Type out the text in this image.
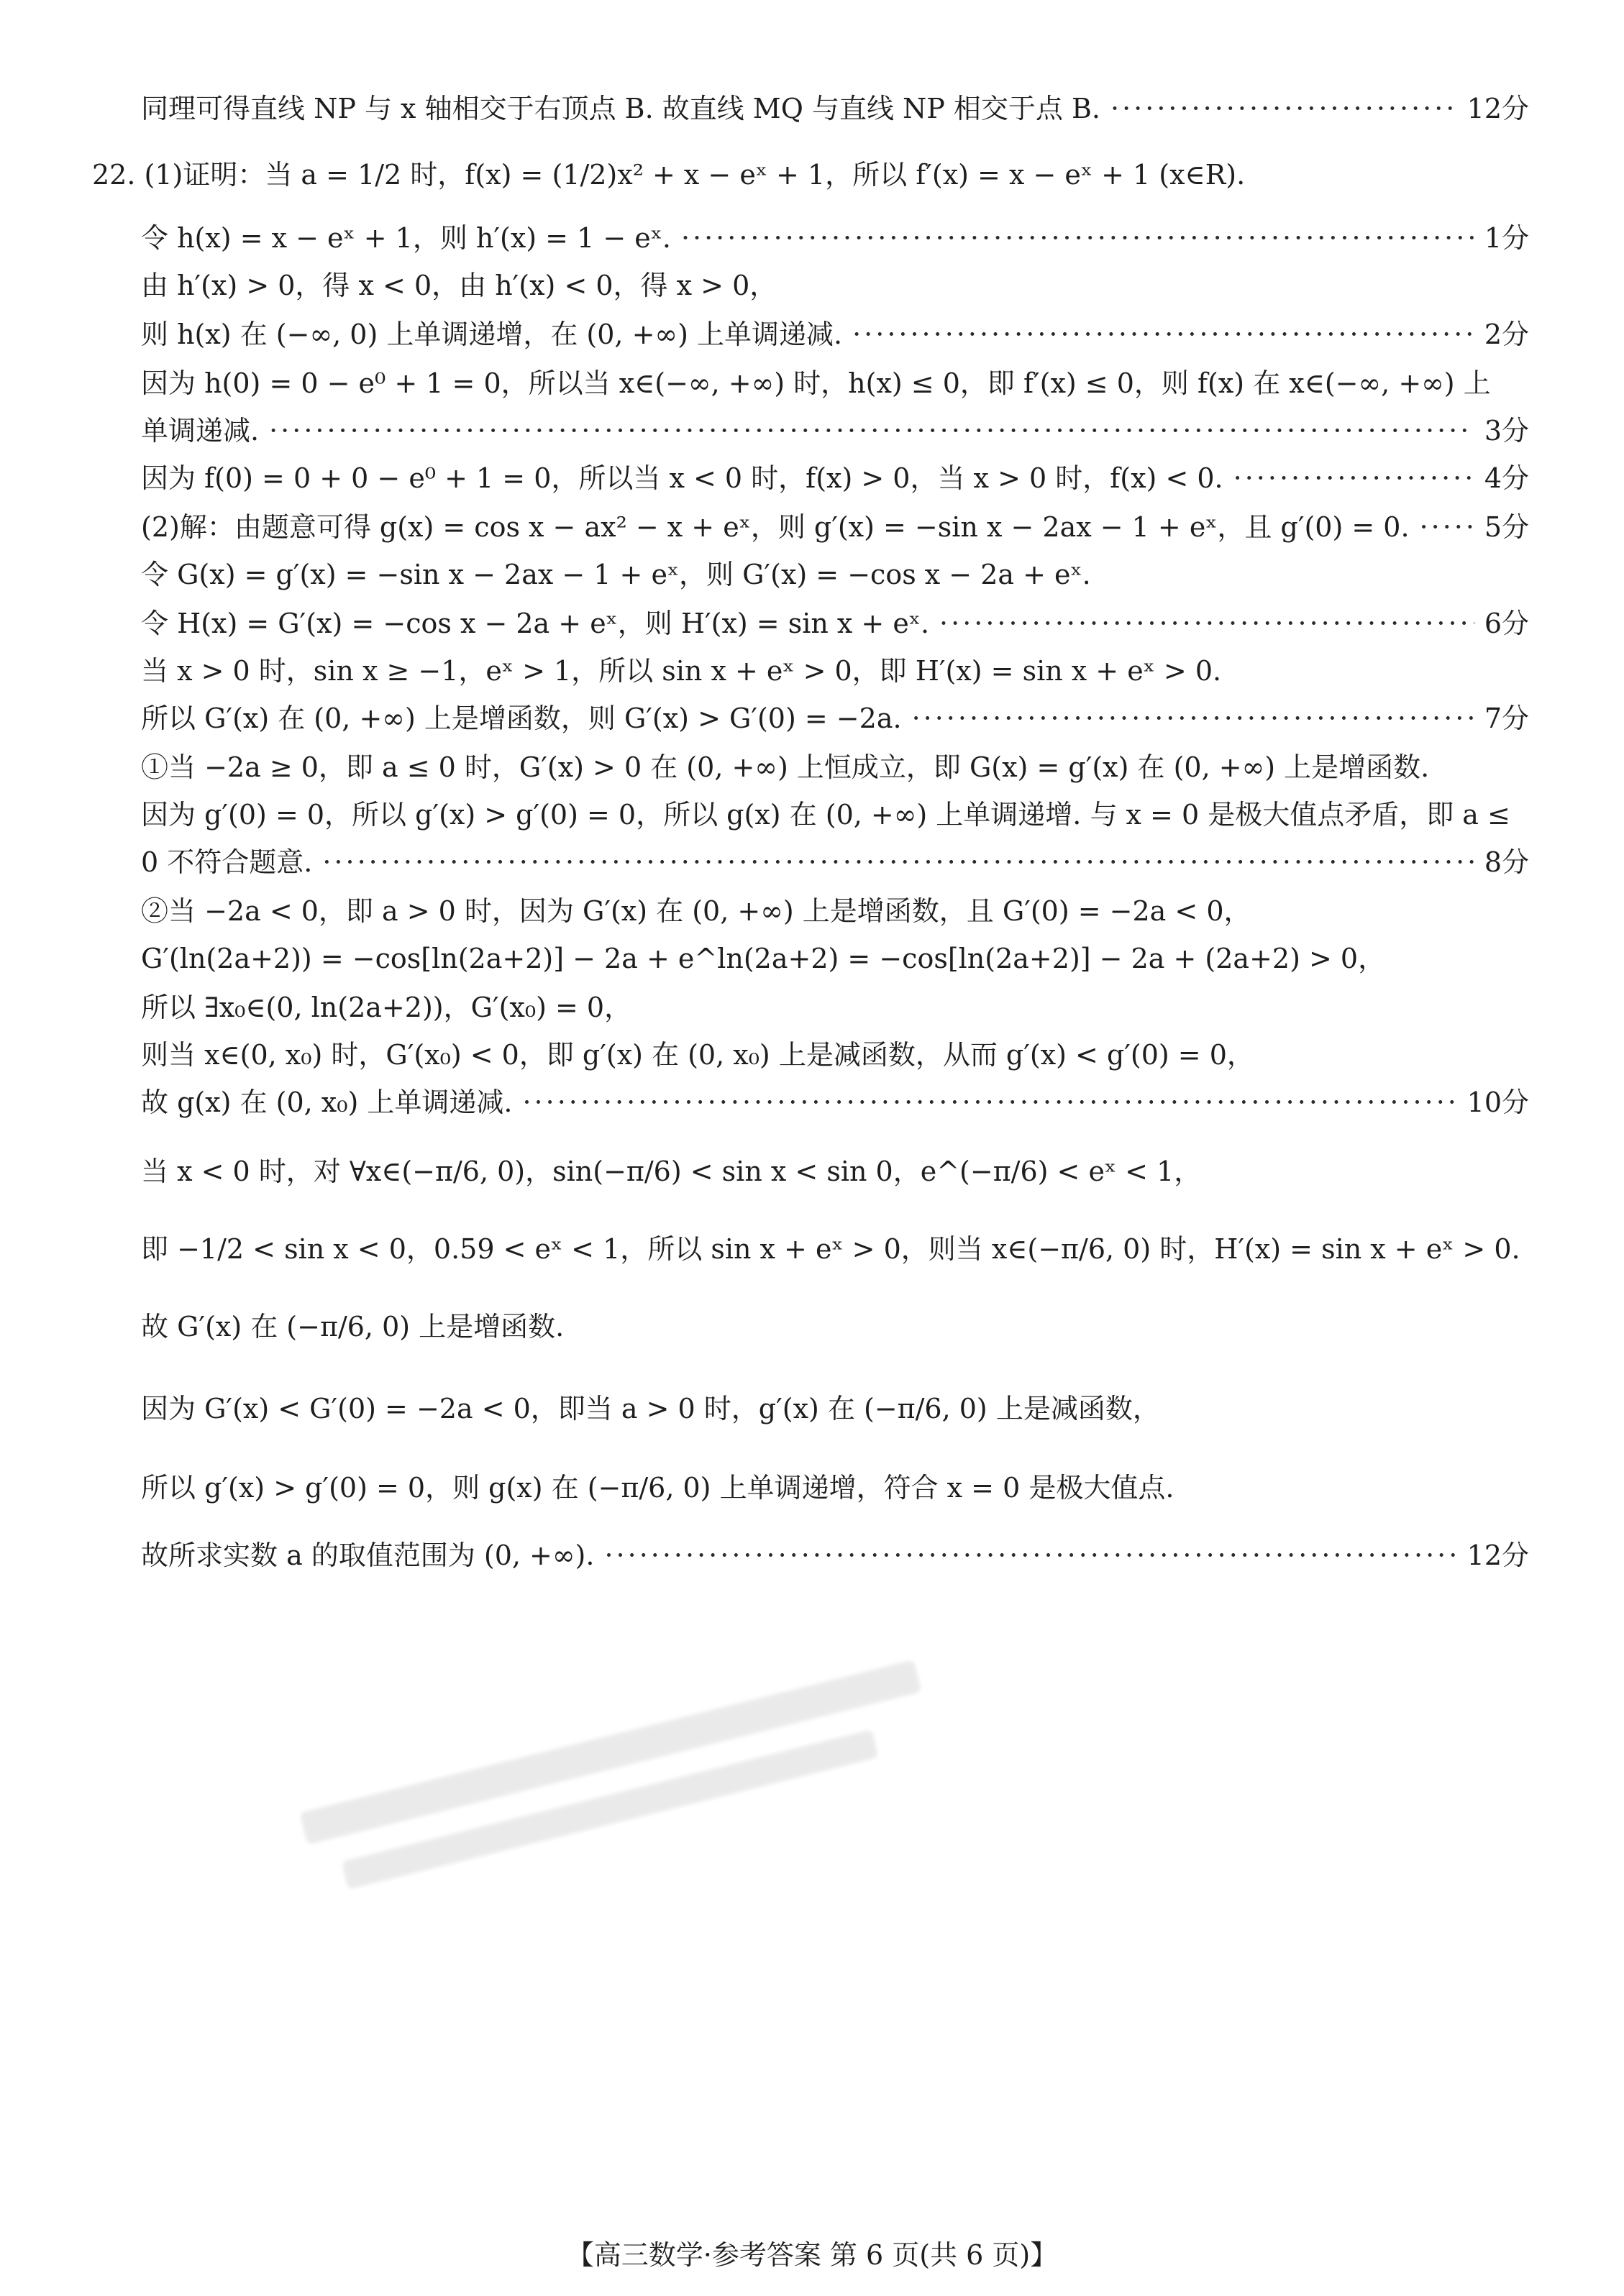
同理可得直线 NP 与 x 轴相交于右顶点 B. 故直线 MQ 与直线 NP 相交于点 B. ·····	12分
22. (1)证明：当 a = 1/2 时，f(x) = (1/2)x² + x − eˣ + 1，所以 f′(x) = x − eˣ + 1 (x∈R).
令 h(x) = x − eˣ + 1，则 h′(x) = 1 − eˣ. ·····	1分
由 h′(x) > 0，得 x < 0，由 h′(x) < 0，得 x > 0，
则 h(x) 在 (−∞, 0) 上单调递增，在 (0, +∞) 上单调递减. ·····	2分
因为 h(0) = 0 − e⁰ + 1 = 0，所以当 x∈(−∞, +∞) 时，h(x) ≤ 0，即 f′(x) ≤ 0，则 f(x) 在 x∈(−∞, +∞) 上
单调递减. ·····	3分
因为 f(0) = 0 + 0 − e⁰ + 1 = 0，所以当 x < 0 时，f(x) > 0，当 x > 0 时，f(x) < 0. ·····	4分
(2)解：由题意可得 g(x) = cos x − ax² − x + eˣ，则 g′(x) = −sin x − 2ax − 1 + eˣ，且 g′(0) = 0. ·····	5分
令 G(x) = g′(x) = −sin x − 2ax − 1 + eˣ，则 G′(x) = −cos x − 2a + eˣ.
令 H(x) = G′(x) = −cos x − 2a + eˣ，则 H′(x) = sin x + eˣ. ·····	6分
当 x > 0 时，sin x ≥ −1，eˣ > 1，所以 sin x + eˣ > 0，即 H′(x) = sin x + eˣ > 0.
所以 G′(x) 在 (0, +∞) 上是增函数，则 G′(x) > G′(0) = −2a. ·····	7分
①当 −2a ≥ 0，即 a ≤ 0 时，G′(x) > 0 在 (0, +∞) 上恒成立，即 G(x) = g′(x) 在 (0, +∞) 上是增函数.
因为 g′(0) = 0，所以 g′(x) > g′(0) = 0，所以 g(x) 在 (0, +∞) 上单调递增. 与 x = 0 是极大值点矛盾，即 a ≤
0 不符合题意. ·····	8分
②当 −2a < 0，即 a > 0 时，因为 G′(x) 在 (0, +∞) 上是增函数，且 G′(0) = −2a < 0，
G′(ln(2a+2)) = −cos[ln(2a+2)] − 2a + e^ln(2a+2) = −cos[ln(2a+2)] − 2a + (2a+2) > 0，
所以 ∃x₀∈(0, ln(2a+2))，G′(x₀) = 0，
则当 x∈(0, x₀) 时，G′(x₀) < 0，即 g′(x) 在 (0, x₀) 上是减函数，从而 g′(x) < g′(0) = 0，
故 g(x) 在 (0, x₀) 上单调递减. ·····	10分
当 x < 0 时，对 ∀x∈(−π/6, 0)，sin(−π/6) < sin x < sin 0，e^(−π/6) < eˣ < 1，
即 −1/2 < sin x < 0，0.59 < eˣ < 1，所以 sin x + eˣ > 0，则当 x∈(−π/6, 0) 时，H′(x) = sin x + eˣ > 0.
故 G′(x) 在 (−π/6, 0) 上是增函数.
因为 G′(x) < G′(0) = −2a < 0，即当 a > 0 时，g′(x) 在 (−π/6, 0) 上是减函数，
所以 g′(x) > g′(0) = 0，则 g(x) 在 (−π/6, 0) 上单调递增，符合 x = 0 是极大值点.
故所求实数 a 的取值范围为 (0, +∞). ·····	12分
【高三数学·参考答案 第 6 页(共 6 页)】
